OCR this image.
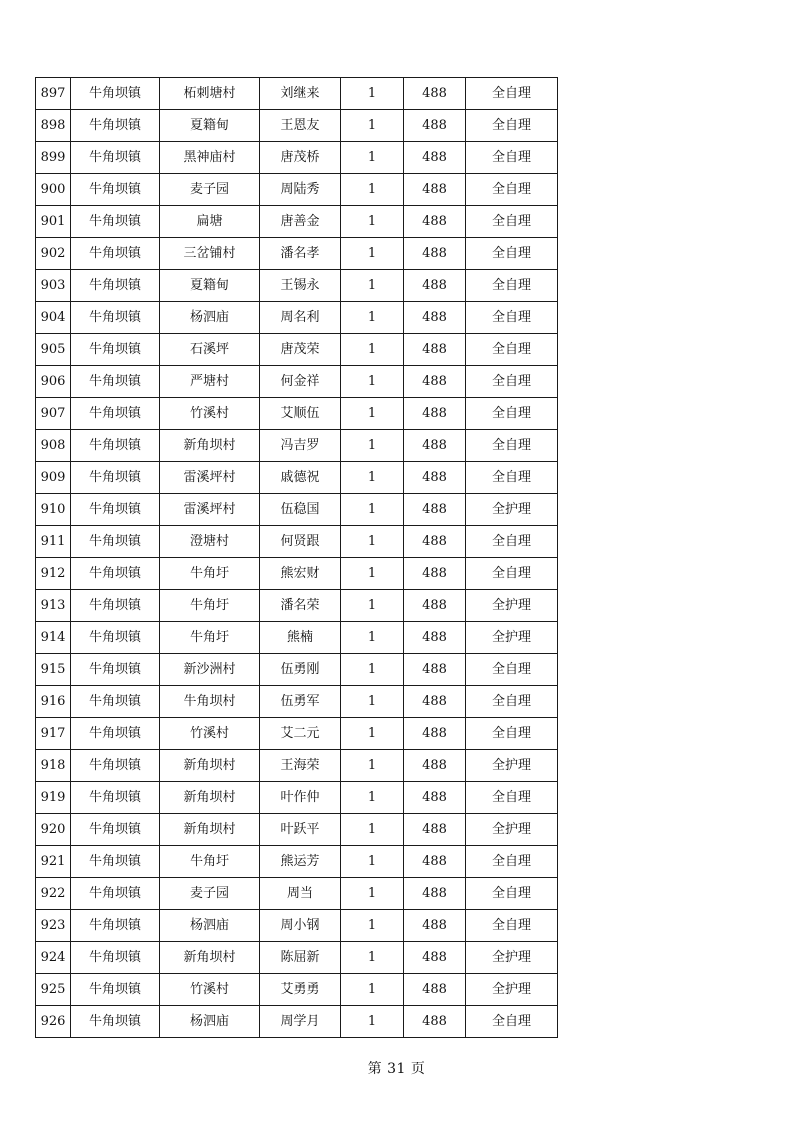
897	牛角坝镇	柘刺塘村	刘继来	1	488	全自理
898	牛角坝镇	夏籍甸	王恩友	1	488	全自理
899	牛角坝镇	黑神庙村	唐茂桥	1	488	全自理
900	牛角坝镇	麦子园	周陆秀	1	488	全自理
901	牛角坝镇	扁塘	唐善金	1	488	全自理
902	牛角坝镇	三岔铺村	潘名孝	1	488	全自理
903	牛角坝镇	夏籍甸	王锡永	1	488	全自理
904	牛角坝镇	杨泗庙	周名利	1	488	全自理
905	牛角坝镇	石溪坪	唐茂荣	1	488	全自理
906	牛角坝镇	严塘村	何金祥	1	488	全自理
907	牛角坝镇	竹溪村	艾顺伍	1	488	全自理
908	牛角坝镇	新角坝村	冯吉罗	1	488	全自理
909	牛角坝镇	雷溪坪村	戚德祝	1	488	全自理
910	牛角坝镇	雷溪坪村	伍稳国	1	488	全护理
911	牛角坝镇	澄塘村	何贤跟	1	488	全自理
912	牛角坝镇	牛角圩	熊宏财	1	488	全自理
913	牛角坝镇	牛角圩	潘名荣	1	488	全护理
914	牛角坝镇	牛角圩	熊楠	1	488	全护理
915	牛角坝镇	新沙洲村	伍勇刚	1	488	全自理
916	牛角坝镇	牛角坝村	伍勇军	1	488	全自理
917	牛角坝镇	竹溪村	艾二元	1	488	全自理
918	牛角坝镇	新角坝村	王海荣	1	488	全护理
919	牛角坝镇	新角坝村	叶作仲	1	488	全自理
920	牛角坝镇	新角坝村	叶跃平	1	488	全护理
921	牛角坝镇	牛角圩	熊运芳	1	488	全自理
922	牛角坝镇	麦子园	周当	1	488	全自理
923	牛角坝镇	杨泗庙	周小钢	1	488	全自理
924	牛角坝镇	新角坝村	陈屈新	1	488	全护理
925	牛角坝镇	竹溪村	艾勇勇	1	488	全护理
926	牛角坝镇	杨泗庙	周学月	1	488	全自理
第 31 页
